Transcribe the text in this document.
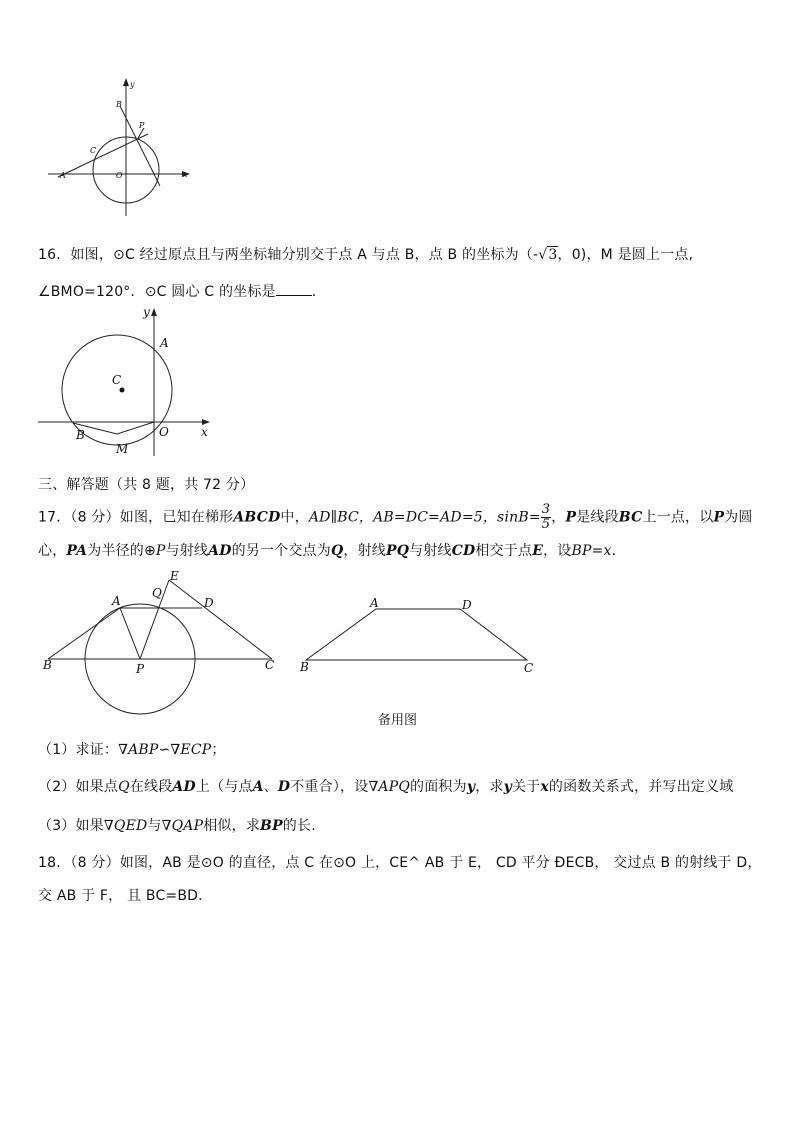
y
x
B
P
C
A	O
16．如图，⊙C 经过原点且与两坐标轴分别交于点 A 与点 B，点 B 的坐标为（-√3，0)，M 是圆上一点,
∠BMO=120°．⊙C 圆心 C 的坐标是	．
y
x
A
B
C
O
M
三、解答题（共 8 题，共 72 分）
17．（8 分）如图，已知在梯形ABCD中，AD∥BC，AB=DC=AD=5，$\sin B= \frac{3}{5}$ ，P是线段BC上一点，以P为圆
心，PA为半径的⊕P与射线AD的另一个交点为Q，射线PQ与射线CD相交于点E，设BP=x．
E
A
Q
D
B	P	C
A	D
B	C
备用图
（1）求证：∇ABP∽∇ECP；
（2）如果点Q在线段AD上（与点A、D不重合），设∇APQ的面积为y，求y关于x的函数关系式，并写出定义域
（3）如果∇QED与∇QAP相似，求BP的长.
18．（8 分）如图，AB 是⊙O 的直径，点 C 在⊙O 上，CE^ AB 于 E， CD 平分 ÐECB， 交过点 B 的射线于 D，
交 AB 于 F， 且 BC=BD．
